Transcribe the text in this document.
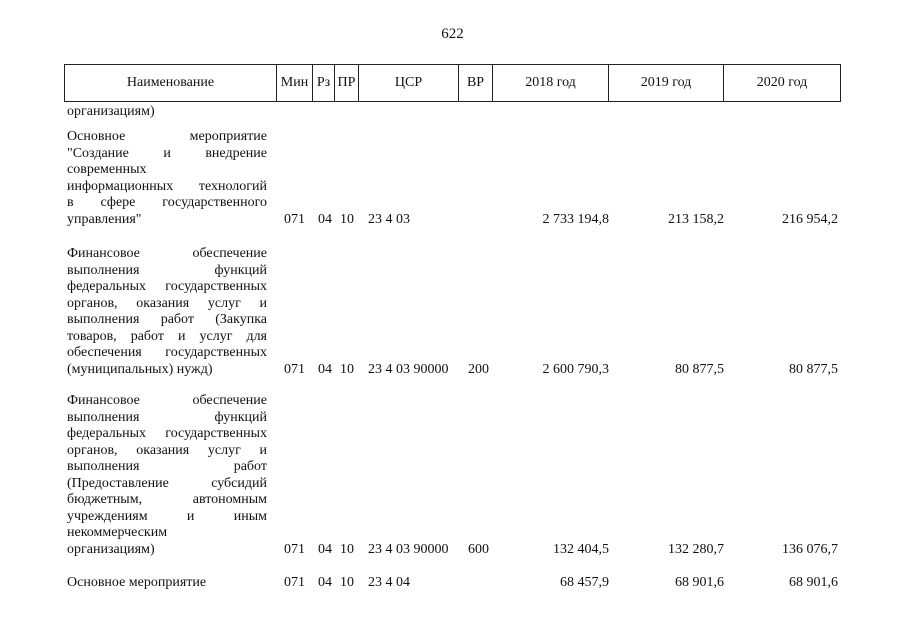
622
Наименование	Мин	Рз	ПР	ЦСР	ВР	2018 год	2019 год	2020 год
организациям)
Основное мероприятие
"Создание и внедрение
современных
информационных технологий
в сфере государственного
управления"	071 04 10	23 4 03	2 733 194,8	213 158,2	216 954,2
Финансовое обеспечение
выполнения функций
федеральных государственных
органов, оказания услуг и
выполнения работ (Закупка
товаров, работ и услуг для
обеспечения государственных
(муниципальных) нужд)	071 04 10	23 4 03 90000	200	2 600 790,3	80 877,5	80 877,5
Финансовое обеспечение
выполнения функций
федеральных государственных
органов, оказания услуг и
выполнения работ
(Предоставление субсидий
бюджетным, автономным
учреждениям и иным
некоммерческим
организациям)	071 04 10	23 4 03 90000	600	132 404,5	132 280,7	136 076,7
Основное мероприятие	071 04 10	23 4 04	68 457,9	68 901,6	68 901,6
